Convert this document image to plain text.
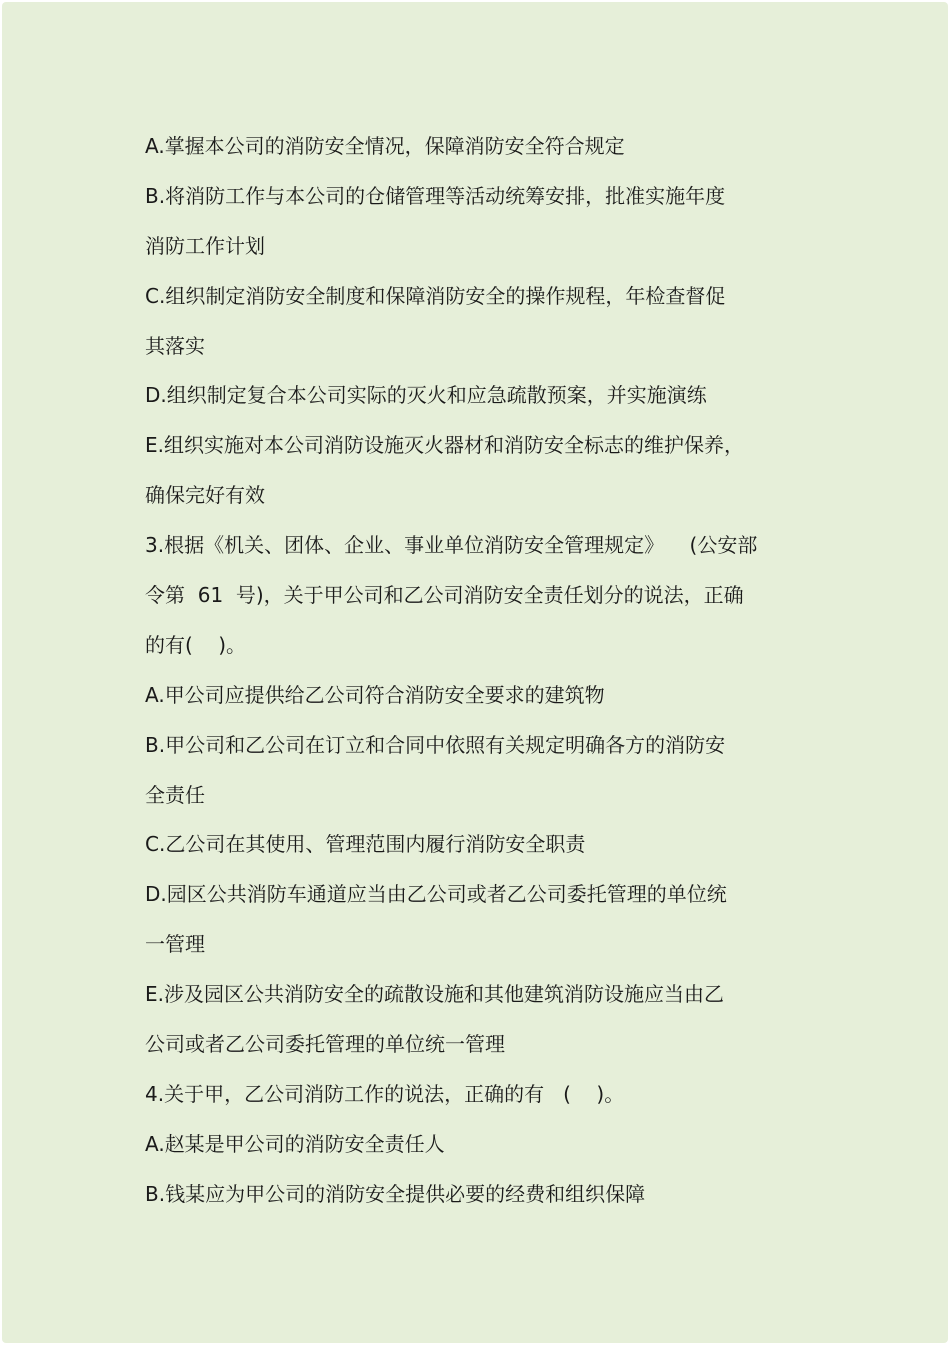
A.掌握本公司的消防安全情况，保障消防安全符合规定
B.将消防工作与本公司的仓储管理等活动统筹安排，批准实施年度
消防工作计划
C.组织制定消防安全制度和保障消防安全的操作规程，年检查督促
其落实
D.组织制定复合本公司实际的灭火和应急疏散预案，并实施演练
E.组织实施对本公司消防设施灭火器材和消防安全标志的维护保养，
确保完好有效
3.根据《机关、团体、企业、事业单位消防安全管理规定》    (公安部
令第  61  号)，关于甲公司和乙公司消防安全责任划分的说法，正确
的有(    )。
A.甲公司应提供给乙公司符合消防安全要求的建筑物
B.甲公司和乙公司在订立和合同中依照有关规定明确各方的消防安
全责任
C.乙公司在其使用、管理范围内履行消防安全职责
D.园区公共消防车通道应当由乙公司或者乙公司委托管理的单位统
一管理
E.涉及园区公共消防安全的疏散设施和其他建筑消防设施应当由乙
公司或者乙公司委托管理的单位统一管理
4.关于甲，乙公司消防工作的说法，正确的有   (    )。
A.赵某是甲公司的消防安全责任人
B.钱某应为甲公司的消防安全提供必要的经费和组织保障
